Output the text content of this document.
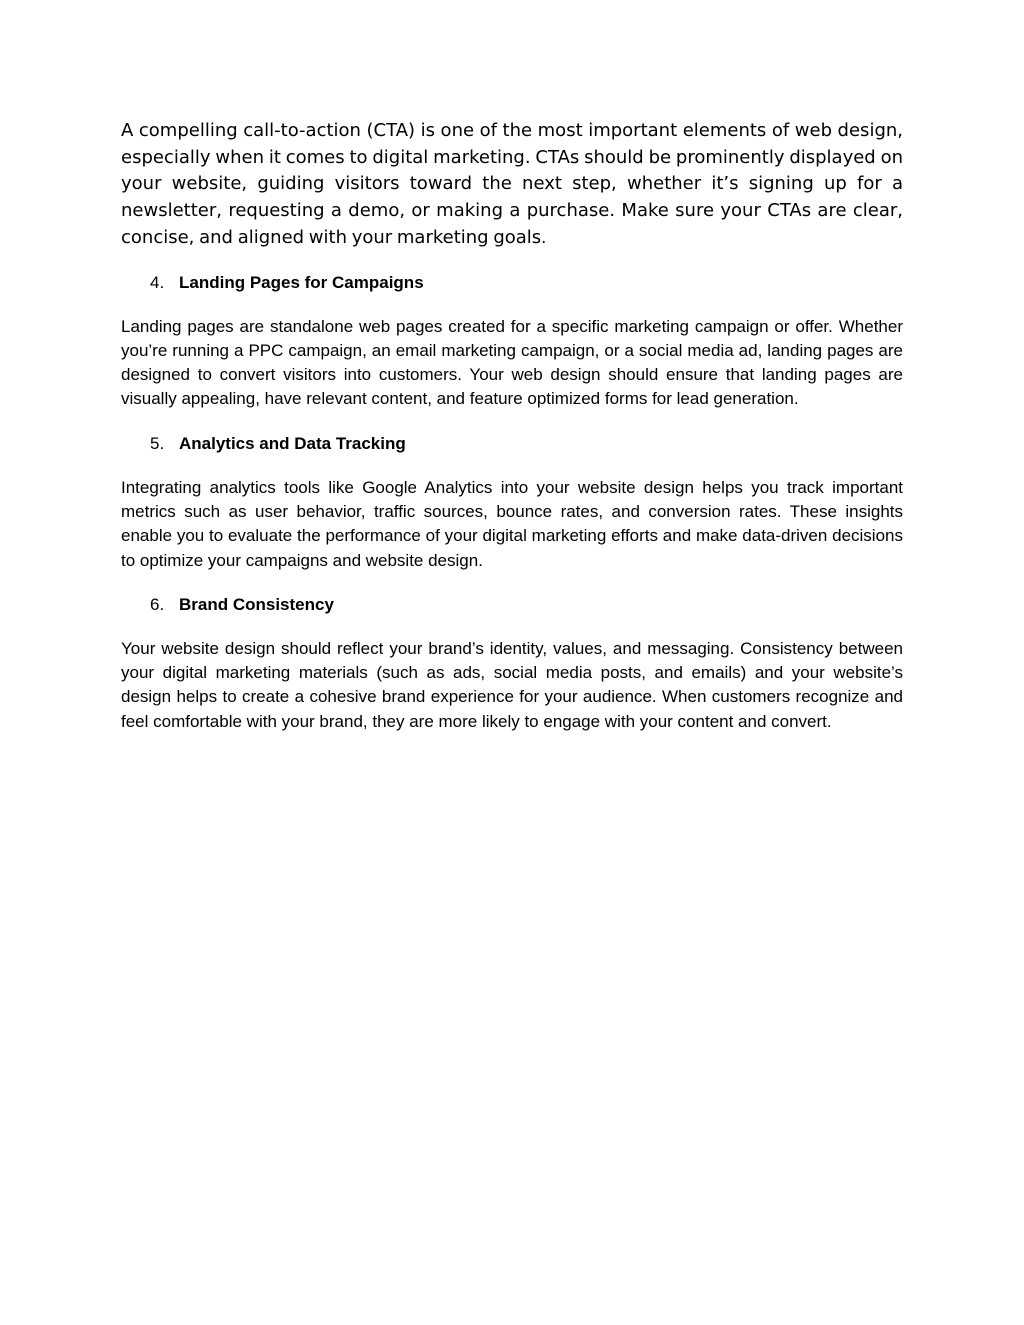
A compelling call-to-action (CTA) is one of the most important elements of web design, especially when it comes to digital marketing. CTAs should be prominently displayed on your website, guiding visitors toward the next step, whether it’s signing up for a newsletter, requesting a demo, or making a purchase. Make sure your CTAs are clear, concise, and aligned with your marketing goals.

4. Landing Pages for Campaigns

Landing pages are standalone web pages created for a specific marketing campaign or offer. Whether you’re running a PPC campaign, an email marketing campaign, or a social media ad, landing pages are designed to convert visitors into customers. Your web design should ensure that landing pages are visually appealing, have relevant content, and feature optimized forms for lead generation.

5. Analytics and Data Tracking

Integrating analytics tools like Google Analytics into your website design helps you track important metrics such as user behavior, traffic sources, bounce rates, and conversion rates. These insights enable you to evaluate the performance of your digital marketing efforts and make data-driven decisions to optimize your campaigns and website design.

6. Brand Consistency

Your website design should reflect your brand’s identity, values, and messaging. Consistency between your digital marketing materials (such as ads, social media posts, and emails) and your website’s design helps to create a cohesive brand experience for your audience. When customers recognize and feel comfortable with your brand, they are more likely to engage with your content and convert.
